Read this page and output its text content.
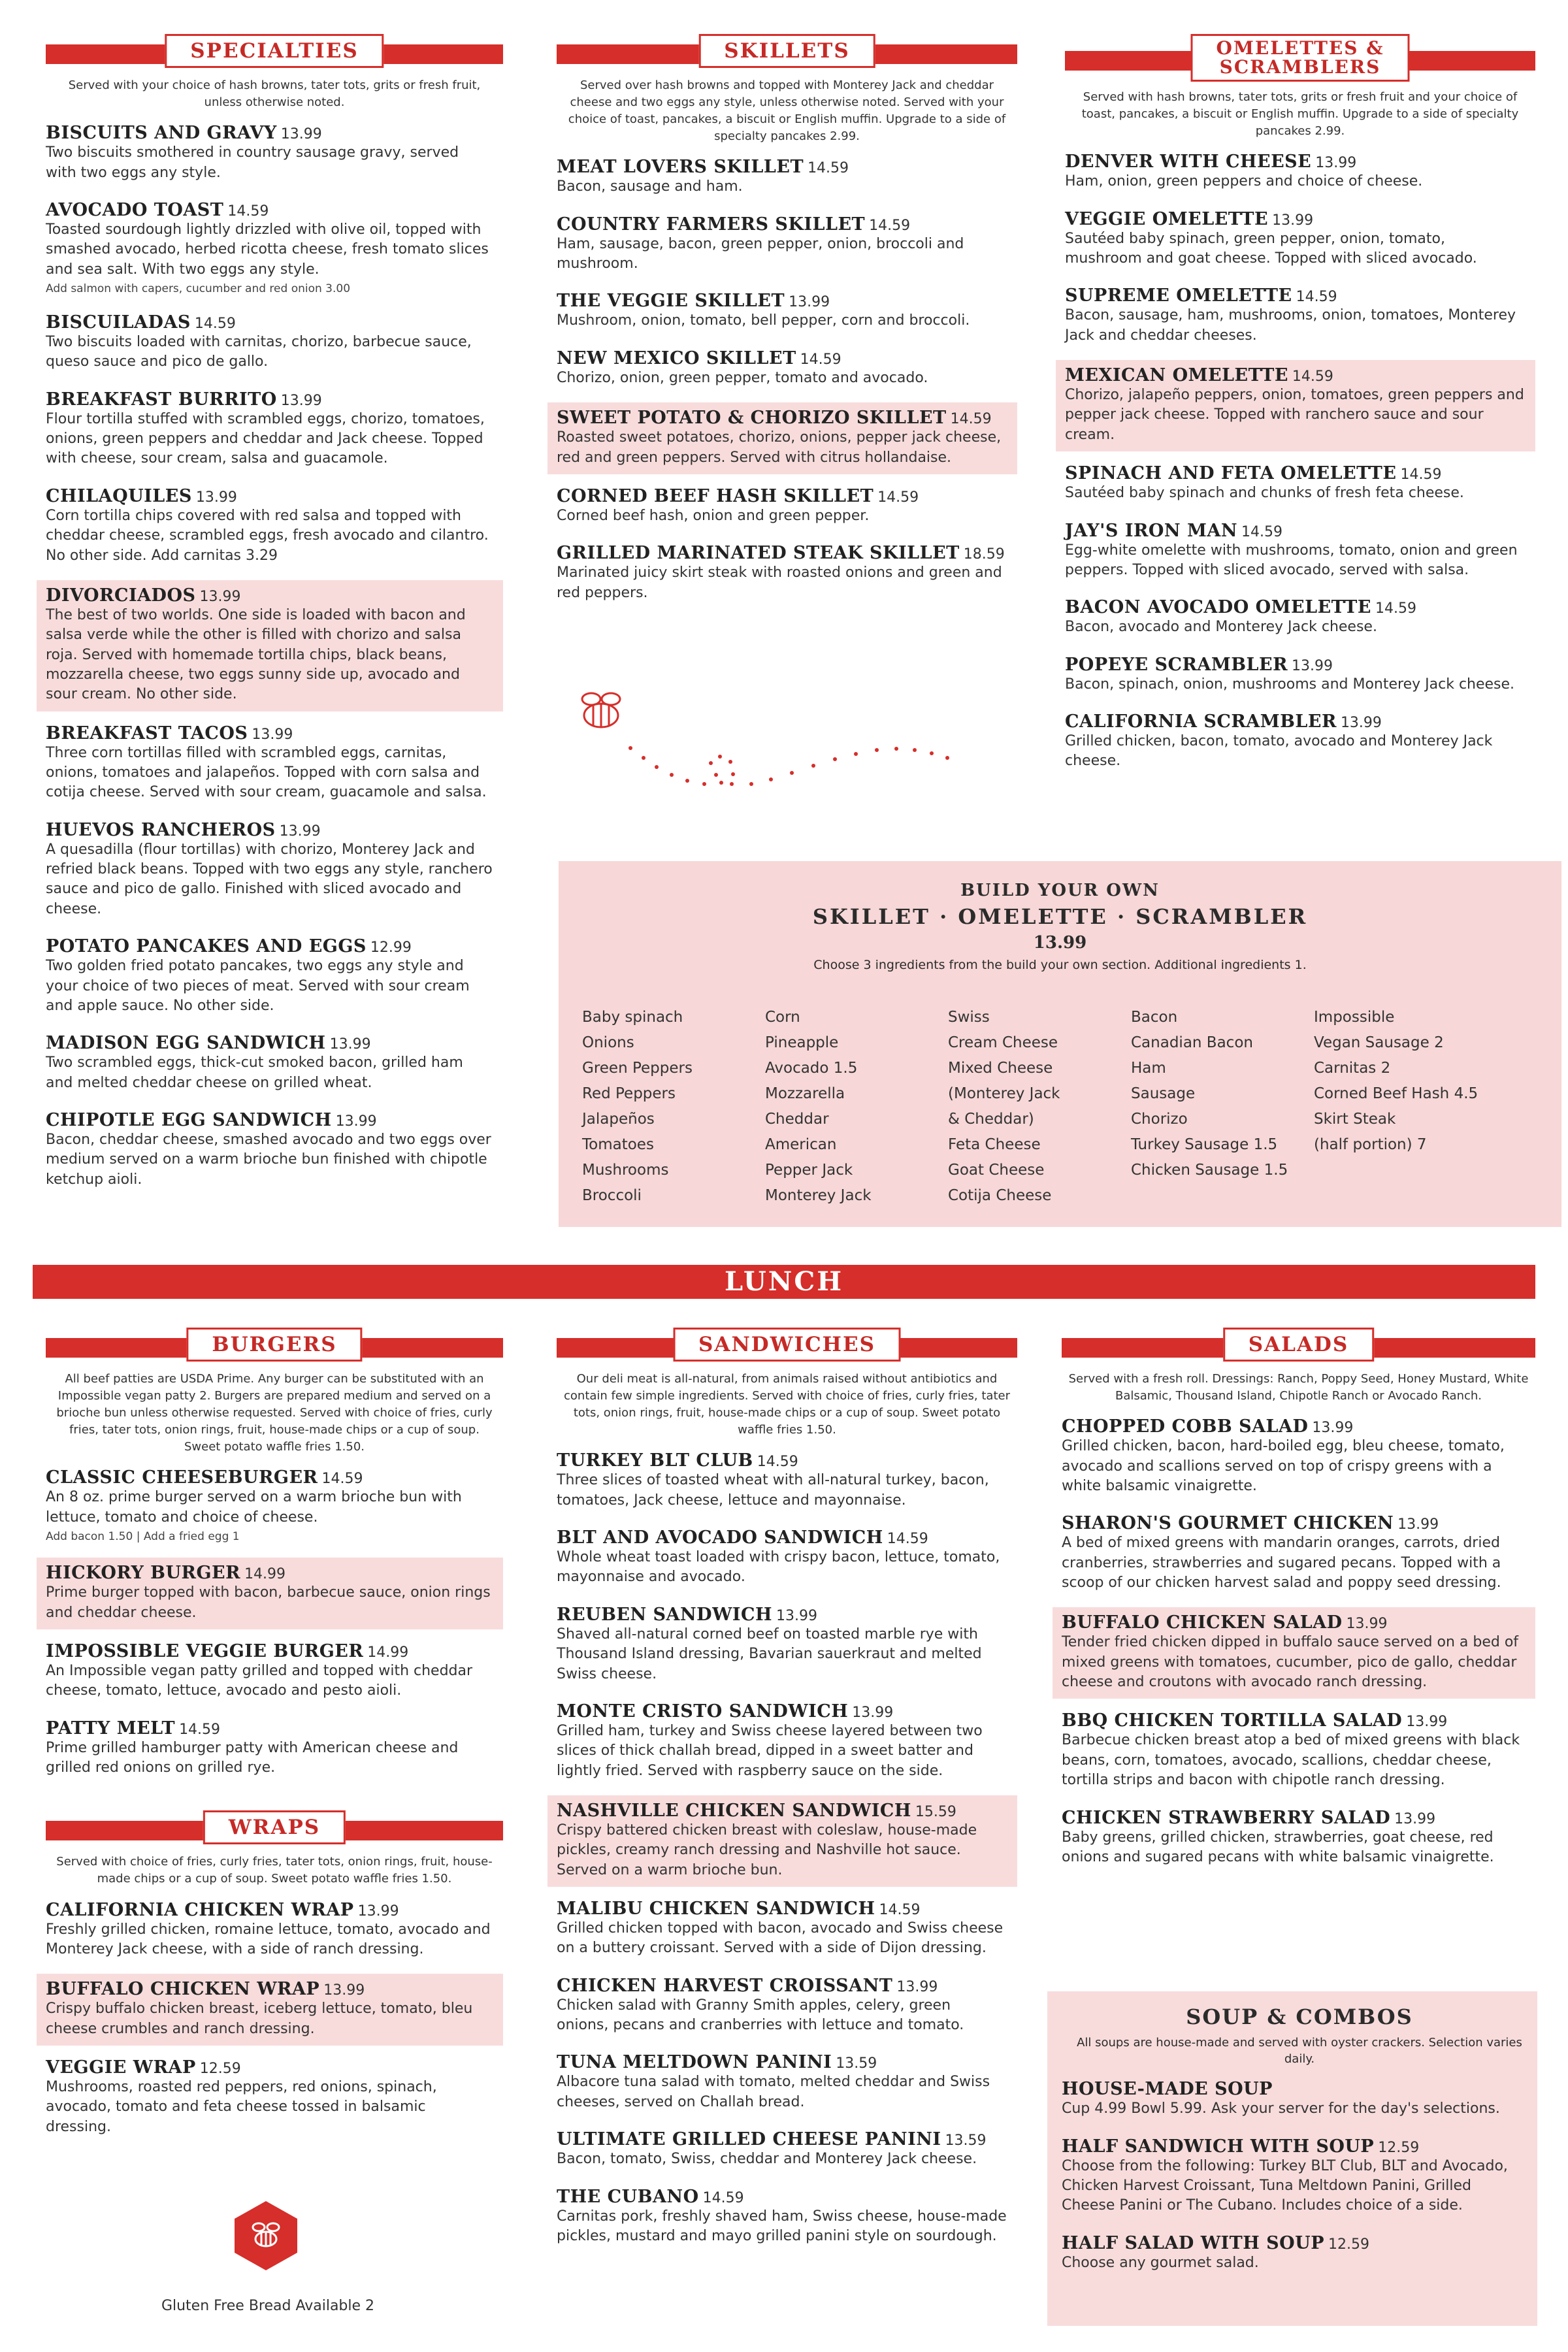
SPECIALTIES
Served with your choice of hash browns, tater tots, grits or fresh fruit, unless otherwise noted.
BISCUITS AND GRAVY 13.99
Two biscuits smothered in country sausage gravy, served with two eggs any style.
AVOCADO TOAST 14.59
Toasted sourdough lightly drizzled with olive oil, topped with smashed avocado, herbed ricotta cheese, fresh tomato slices and sea salt. With two eggs any style.
Add salmon with capers, cucumber and red onion 3.00
BISCUILADAS 14.59
Two biscuits loaded with carnitas, chorizo, barbecue sauce, queso sauce and pico de gallo.
BREAKFAST BURRITO 13.99
Flour tortilla stuffed with scrambled eggs, chorizo, tomatoes, onions, green peppers and cheddar and Jack cheese. Topped with cheese, sour cream, salsa and guacamole.
CHILAQUILES 13.99
Corn tortilla chips covered with red salsa and topped with cheddar cheese, scrambled eggs, fresh avocado and cilantro. No other side. Add carnitas 3.29
DIVORCIADOS 13.99
The best of two worlds. One side is loaded with bacon and salsa verde while the other is filled with chorizo and salsa roja. Served with homemade tortilla chips, black beans, mozzarella cheese, two eggs sunny side up, avocado and sour cream. No other side.
BREAKFAST TACOS 13.99
Three corn tortillas filled with scrambled eggs, carnitas, onions, tomatoes and jalapeños. Topped with corn salsa and cotija cheese. Served with sour cream, guacamole and salsa.
HUEVOS RANCHEROS 13.99
A quesadilla (flour tortillas) with chorizo, Monterey Jack and refried black beans. Topped with two eggs any style, ranchero sauce and pico de gallo. Finished with sliced avocado and cheese.
POTATO PANCAKES AND EGGS 12.99
Two golden fried potato pancakes, two eggs any style and your choice of two pieces of meat. Served with sour cream and apple sauce. No other side.
MADISON EGG SANDWICH 13.99
Two scrambled eggs, thick-cut smoked bacon, grilled ham and melted cheddar cheese on grilled wheat.
CHIPOTLE EGG SANDWICH 13.99
Bacon, cheddar cheese, smashed avocado and two eggs over medium served on a warm brioche bun finished with chipotle ketchup aioli.
SKILLETS
Served over hash browns and topped with Monterey Jack and cheddar cheese and two eggs any style, unless otherwise noted. Served with your choice of toast, pancakes, a biscuit or English muffin. Upgrade to a side of specialty pancakes 2.99.
MEAT LOVERS SKILLET 14.59
Bacon, sausage and ham.
COUNTRY FARMERS SKILLET 14.59
Ham, sausage, bacon, green pepper, onion, broccoli and mushroom.
THE VEGGIE SKILLET 13.99
Mushroom, onion, tomato, bell pepper, corn and broccoli.
NEW MEXICO SKILLET 14.59
Chorizo, onion, green pepper, tomato and avocado.
SWEET POTATO & CHORIZO SKILLET 14.59
Roasted sweet potatoes, chorizo, onions, pepper jack cheese, red and green peppers. Served with citrus hollandaise.
CORNED BEEF HASH SKILLET 14.59
Corned beef hash, onion and green pepper.
GRILLED MARINATED STEAK SKILLET 18.59
Marinated juicy skirt steak with roasted onions and green and red peppers.
OMELETTES &
SCRAMBLERS
Served with hash browns, tater tots, grits or fresh fruit and your choice of toast, pancakes, a biscuit or English muffin. Upgrade to a side of specialty pancakes 2.99.
DENVER WITH CHEESE 13.99
Ham, onion, green peppers and choice of cheese.
VEGGIE OMELETTE 13.99
Sautéed baby spinach, green pepper, onion, tomato, mushroom and goat cheese. Topped with sliced avocado.
SUPREME OMELETTE 14.59
Bacon, sausage, ham, mushrooms, onion, tomatoes, Monterey Jack and cheddar cheeses.
MEXICAN OMELETTE 14.59
Chorizo, jalapeño peppers, onion, tomatoes, green peppers and pepper jack cheese. Topped with ranchero sauce and sour cream.
SPINACH AND FETA OMELETTE 14.59
Sautéed baby spinach and chunks of fresh feta cheese.
JAY'S IRON MAN 14.59
Egg-white omelette with mushrooms, tomato, onion and green peppers. Topped with sliced avocado, served with salsa.
BACON AVOCADO OMELETTE 14.59
Bacon, avocado and Monterey Jack cheese.
POPEYE SCRAMBLER 13.99
Bacon, spinach, onion, mushrooms and Monterey Jack cheese.
CALIFORNIA SCRAMBLER 13.99
Grilled chicken, bacon, tomato, avocado and Monterey Jack cheese.
BUILD YOUR OWN
SKILLET · OMELETTE · SCRAMBLER
13.99
Choose 3 ingredients from the build your own section. Additional ingredients 1.
Baby spinach
Onions
Green Peppers
Red Peppers
Jalapeños
Tomatoes
Mushrooms
Broccoli
Corn
Pineapple
Avocado 1.5
Mozzarella
Cheddar
American
Pepper Jack
Monterey Jack
Swiss
Cream Cheese
Mixed Cheese
(Monterey Jack
& Cheddar)
Feta Cheese
Goat Cheese
Cotija Cheese
Bacon
Canadian Bacon
Ham
Sausage
Chorizo
Turkey Sausage 1.5
Chicken Sausage 1.5
Impossible
Vegan Sausage 2
Carnitas 2
Corned Beef Hash 4.5
Skirt Steak
(half portion) 7
LUNCH
BURGERS
All beef patties are USDA Prime. Any burger can be substituted with an Impossible vegan patty 2. Burgers are prepared medium and served on a brioche bun unless otherwise requested. Served with choice of fries, curly fries, tater tots, onion rings, fruit, house-made chips or a cup of soup. Sweet potato waffle fries 1.50.
CLASSIC CHEESEBURGER 14.59
An 8 oz. prime burger served on a warm brioche bun with lettuce, tomato and choice of cheese.
Add bacon 1.50 | Add a fried egg 1
HICKORY BURGER 14.99
Prime burger topped with bacon, barbecue sauce, onion rings and cheddar cheese.
IMPOSSIBLE VEGGIE BURGER 14.99
An Impossible vegan patty grilled and topped with cheddar cheese, tomato, lettuce, avocado and pesto aioli.
PATTY MELT 14.59
Prime grilled hamburger patty with American cheese and grilled red onions on grilled rye.
WRAPS
Served with choice of fries, curly fries, tater tots, onion rings, fruit, house-made chips or a cup of soup. Sweet potato waffle fries 1.50.
CALIFORNIA CHICKEN WRAP 13.99
Freshly grilled chicken, romaine lettuce, tomato, avocado and Monterey Jack cheese, with a side of ranch dressing.
BUFFALO CHICKEN WRAP 13.99
Crispy buffalo chicken breast, iceberg lettuce, tomato, bleu cheese crumbles and ranch dressing.
VEGGIE WRAP 12.59
Mushrooms, roasted red peppers, red onions, spinach, avocado, tomato and feta cheese tossed in balsamic dressing.
SANDWICHES
Our deli meat is all-natural, from animals raised without antibiotics and contain few simple ingredients. Served with choice of fries, curly fries, tater tots, onion rings, fruit, house-made chips or a cup of soup. Sweet potato waffle fries 1.50.
TURKEY BLT CLUB 14.59
Three slices of toasted wheat with all-natural turkey, bacon, tomatoes, Jack cheese, lettuce and mayonnaise.
BLT AND AVOCADO SANDWICH 14.59
Whole wheat toast loaded with crispy bacon, lettuce, tomato, mayonnaise and avocado.
REUBEN SANDWICH 13.99
Shaved all-natural corned beef on toasted marble rye with Thousand Island dressing, Bavarian sauerkraut and melted Swiss cheese.
MONTE CRISTO SANDWICH 13.99
Grilled ham, turkey and Swiss cheese layered between two slices of thick challah bread, dipped in a sweet batter and lightly fried. Served with raspberry sauce on the side.
NASHVILLE CHICKEN SANDWICH 15.59
Crispy battered chicken breast with coleslaw, house-made pickles, creamy ranch dressing and Nashville hot sauce. Served on a warm brioche bun.
MALIBU CHICKEN SANDWICH 14.59
Grilled chicken topped with bacon, avocado and Swiss cheese on a buttery croissant. Served with a side of Dijon dressing.
CHICKEN HARVEST CROISSANT 13.99
Chicken salad with Granny Smith apples, celery, green onions, pecans and cranberries with lettuce and tomato.
TUNA MELTDOWN PANINI 13.59
Albacore tuna salad with tomato, melted cheddar and Swiss cheeses, served on Challah bread.
ULTIMATE GRILLED CHEESE PANINI 13.59
Bacon, tomato, Swiss, cheddar and Monterey Jack cheese.
THE CUBANO 14.59
Carnitas pork, freshly shaved ham, Swiss cheese, house-made pickles, mustard and mayo grilled panini style on sourdough.
SALADS
Served with a fresh roll. Dressings: Ranch, Poppy Seed, Honey Mustard, White Balsamic, Thousand Island, Chipotle Ranch or Avocado Ranch.
CHOPPED COBB SALAD 13.99
Grilled chicken, bacon, hard-boiled egg, bleu cheese, tomato, avocado and scallions served on top of crispy greens with a white balsamic vinaigrette.
SHARON'S GOURMET CHICKEN 13.99
A bed of mixed greens with mandarin oranges, carrots, dried cranberries, strawberries and sugared pecans. Topped with a scoop of our chicken harvest salad and poppy seed dressing.
BUFFALO CHICKEN SALAD 13.99
Tender fried chicken dipped in buffalo sauce served on a bed of mixed greens with tomatoes, cucumber, pico de gallo, cheddar cheese and croutons with avocado ranch dressing.
BBQ CHICKEN TORTILLA SALAD 13.99
Barbecue chicken breast atop a bed of mixed greens with black beans, corn, tomatoes, avocado, scallions, cheddar cheese, tortilla strips and bacon with chipotle ranch dressing.
CHICKEN STRAWBERRY SALAD 13.99
Baby greens, grilled chicken, strawberries, goat cheese, red onions and sugared pecans with white balsamic vinaigrette.
SOUP & COMBOS
All soups are house-made and served with oyster crackers. Selection varies daily.
HOUSE-MADE SOUP
Cup 4.99 Bowl 5.99. Ask your server for the day's selections.
HALF SANDWICH WITH SOUP 12.59
Choose from the following: Turkey BLT Club, BLT and Avocado, Chicken Harvest Croissant, Tuna Meltdown Panini, Grilled Cheese Panini or The Cubano. Includes choice of a side.
HALF SALAD WITH SOUP 12.59
Choose any gourmet salad.
Gluten Free Bread Available 2
